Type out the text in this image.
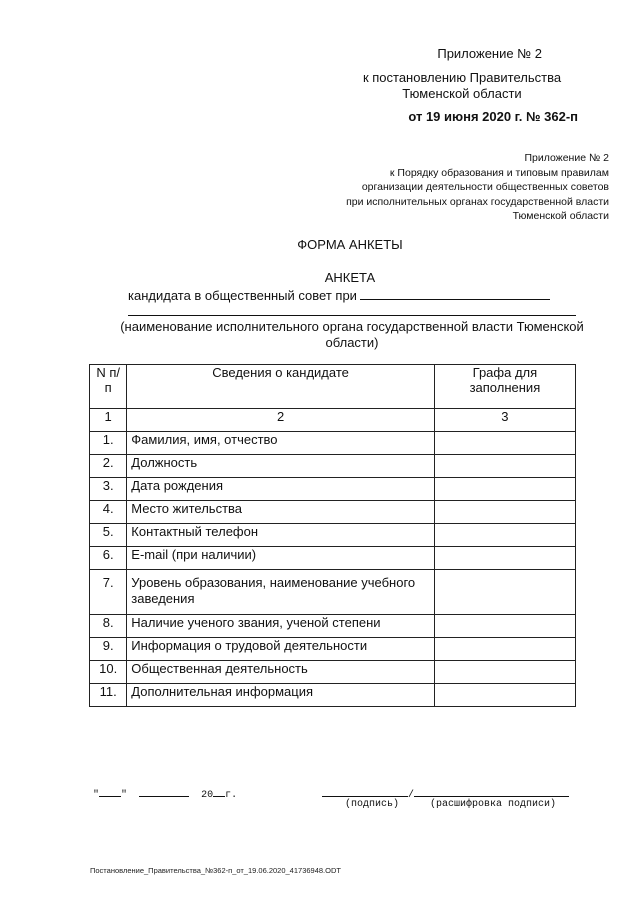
Приложение № 2
к постановлению Правительства
Тюменской области
от 19 июня 2020 г. № 362-п
Приложение № 2
к Порядку образования и типовым правилам
организации деятельности общественных советов
при исполнительных органах государственной власти
Тюменской области
ФОРМА АНКЕТЫ
АНКЕТА
кандидата в общественный совет при
(наименование исполнительного органа государственной власти Тюменской области)
N п/п	Сведения о кандидате	Графа для заполнения
1	2	3
1.	Фамилия, имя, отчество	
2.	Должность	
3.	Дата рождения	
4.	Место жительства	
5.	Контактный телефон	
6.	E-mail (при наличии)	
7.	Уровень образования, наименование учебного заведения	
8.	Наличие ученого звания, ученой степени	
9.	Информация о трудовой деятельности	
10.	Общественная деятельность	
11.	Дополнительная информация	
" "	20 г.	/
(подпись)	(расшифровка подписи)
Постановление_Правительства_№362-п_от_19.06.2020_41736948.ODT
